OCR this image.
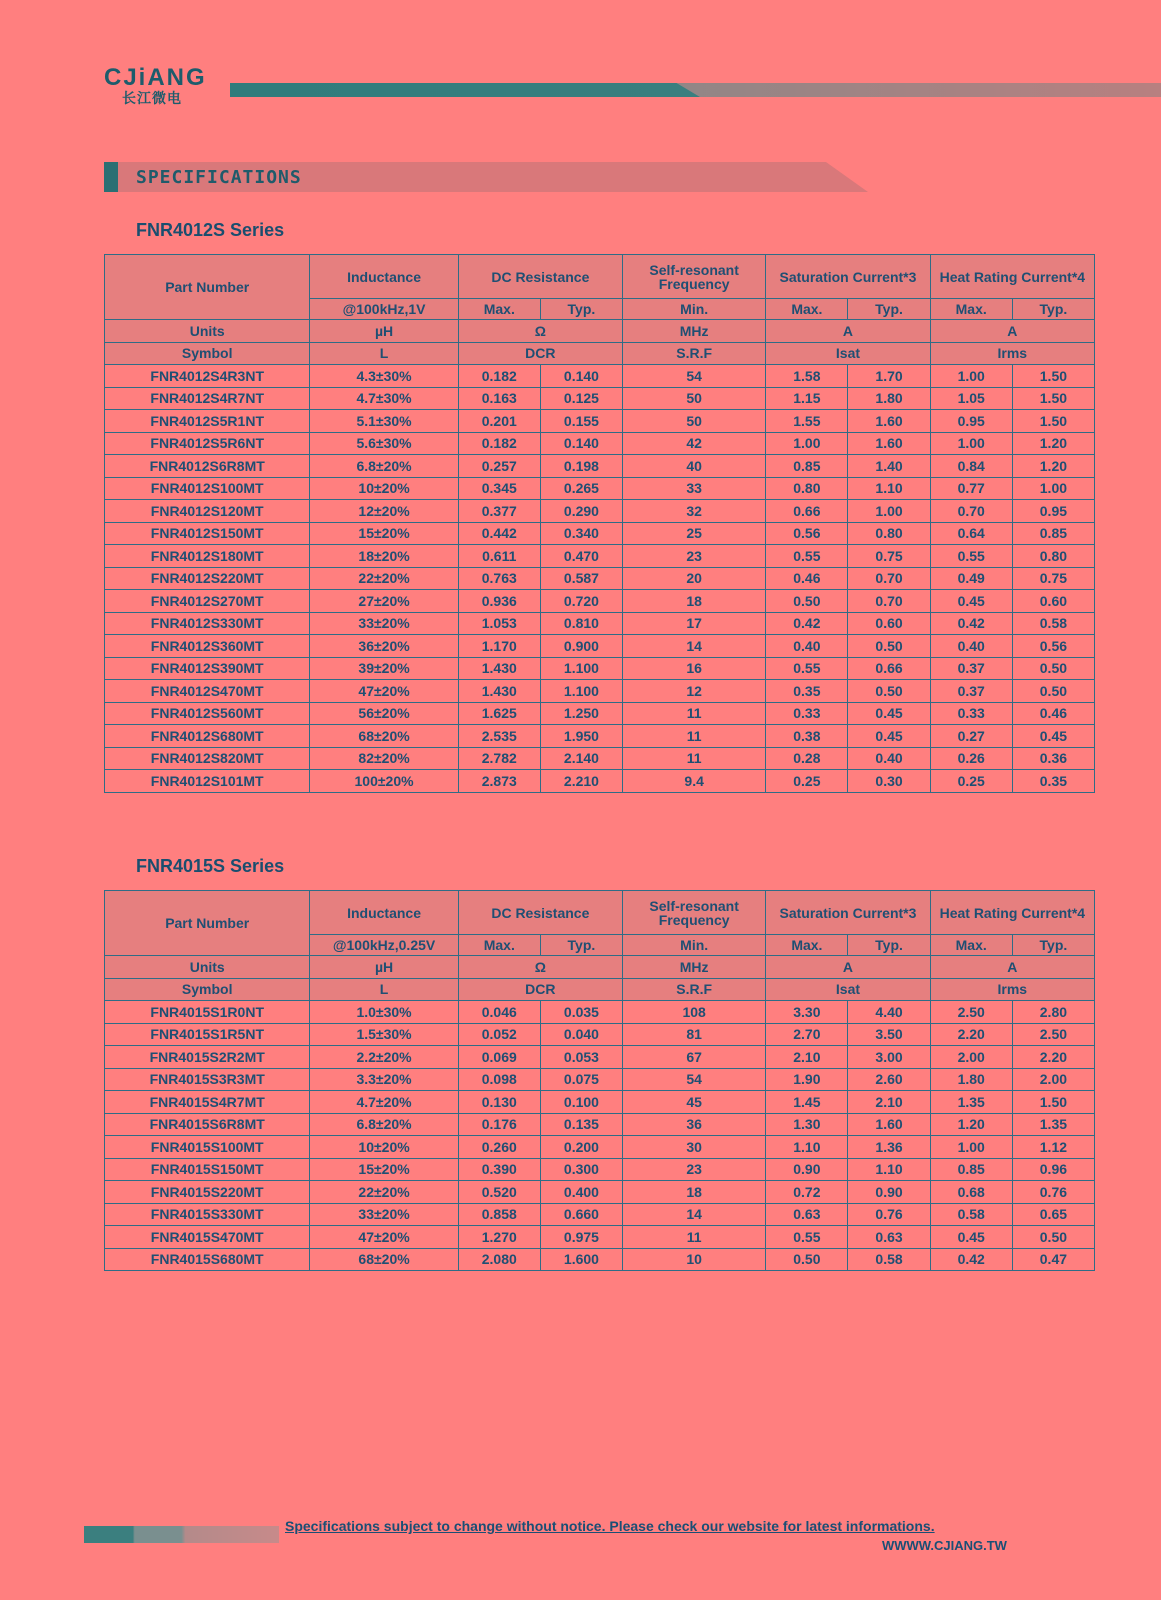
CJiANG
长江微电
SPECIFICATIONS
FNR4012S Series
Part Number	Inductance	DC Resistance		Self-resonant Frequency	Saturation Current*3		Heat Rating Current*4	
	@100kHz,1V	Max.	Typ.	Min.	Max.	Typ.	Max.	Typ.
Units	µH	Ω		MHz	A		A	
Symbol	L	DCR		S.R.F	Isat		Irms	
FNR4012S4R3NT	4.3±30%	0.182	0.140	54	1.58	1.70	1.00	1.50
FNR4012S4R7NT	4.7±30%	0.163	0.125	50	1.15	1.80	1.05	1.50
FNR4012S5R1NT	5.1±30%	0.201	0.155	50	1.55	1.60	0.95	1.50
FNR4012S5R6NT	5.6±30%	0.182	0.140	42	1.00	1.60	1.00	1.20
FNR4012S6R8MT	6.8±20%	0.257	0.198	40	0.85	1.40	0.84	1.20
FNR4012S100MT	10±20%	0.345	0.265	33	0.80	1.10	0.77	1.00
FNR4012S120MT	12±20%	0.377	0.290	32	0.66	1.00	0.70	0.95
FNR4012S150MT	15±20%	0.442	0.340	25	0.56	0.80	0.64	0.85
FNR4012S180MT	18±20%	0.611	0.470	23	0.55	0.75	0.55	0.80
FNR4012S220MT	22±20%	0.763	0.587	20	0.46	0.70	0.49	0.75
FNR4012S270MT	27±20%	0.936	0.720	18	0.50	0.70	0.45	0.60
FNR4012S330MT	33±20%	1.053	0.810	17	0.42	0.60	0.42	0.58
FNR4012S360MT	36±20%	1.170	0.900	14	0.40	0.50	0.40	0.56
FNR4012S390MT	39±20%	1.430	1.100	16	0.55	0.66	0.37	0.50
FNR4012S470MT	47±20%	1.430	1.100	12	0.35	0.50	0.37	0.50
FNR4012S560MT	56±20%	1.625	1.250	11	0.33	0.45	0.33	0.46
FNR4012S680MT	68±20%	2.535	1.950	11	0.38	0.45	0.27	0.45
FNR4012S820MT	82±20%	2.782	2.140	11	0.28	0.40	0.26	0.36
FNR4012S101MT	100±20%	2.873	2.210	9.4	0.25	0.30	0.25	0.35
FNR4015S Series
Part Number	Inductance	DC Resistance		Self-resonant Frequency	Saturation Current*3		Heat Rating Current*4	
	@100kHz,0.25V	Max.	Typ.	Min.	Max.	Typ.	Max.	Typ.
Units	µH	Ω		MHz	A		A	
Symbol	L	DCR		S.R.F	Isat		Irms	
FNR4015S1R0NT	1.0±30%	0.046	0.035	108	3.30	4.40	2.50	2.80
FNR4015S1R5NT	1.5±30%	0.052	0.040	81	2.70	3.50	2.20	2.50
FNR4015S2R2MT	2.2±20%	0.069	0.053	67	2.10	3.00	2.00	2.20
FNR4015S3R3MT	3.3±20%	0.098	0.075	54	1.90	2.60	1.80	2.00
FNR4015S4R7MT	4.7±20%	0.130	0.100	45	1.45	2.10	1.35	1.50
FNR4015S6R8MT	6.8±20%	0.176	0.135	36	1.30	1.60	1.20	1.35
FNR4015S100MT	10±20%	0.260	0.200	30	1.10	1.36	1.00	1.12
FNR4015S150MT	15±20%	0.390	0.300	23	0.90	1.10	0.85	0.96
FNR4015S220MT	22±20%	0.520	0.400	18	0.72	0.90	0.68	0.76
FNR4015S330MT	33±20%	0.858	0.660	14	0.63	0.76	0.58	0.65
FNR4015S470MT	47±20%	1.270	0.975	11	0.55	0.63	0.45	0.50
FNR4015S680MT	68±20%	2.080	1.600	10	0.50	0.58	0.42	0.47
Specifications subject to change without notice. Please check our website for latest informations.
WWWW.CJIANG.TW
